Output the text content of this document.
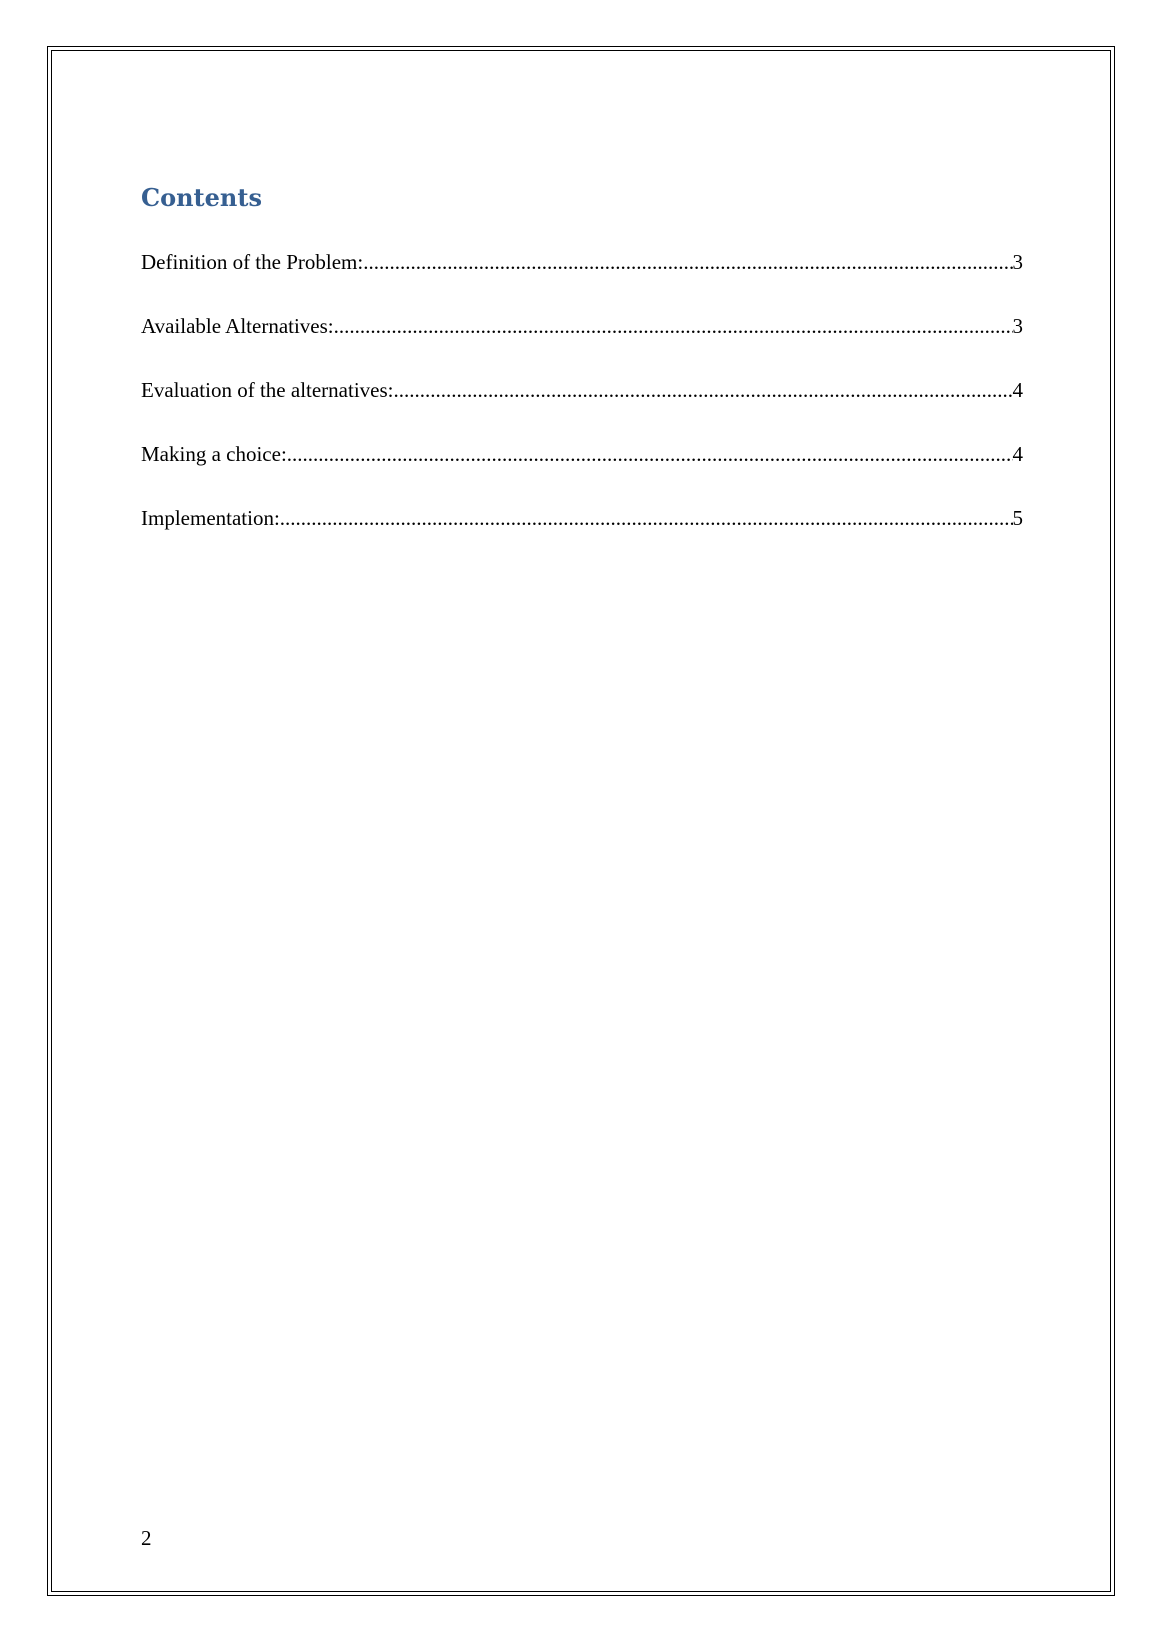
Contents
Definition of the Problem: .....	3
Available Alternatives: .....	3
Evaluation of the alternatives: .....	4
Making a choice: .....	4
Implementation: .....	5
2
